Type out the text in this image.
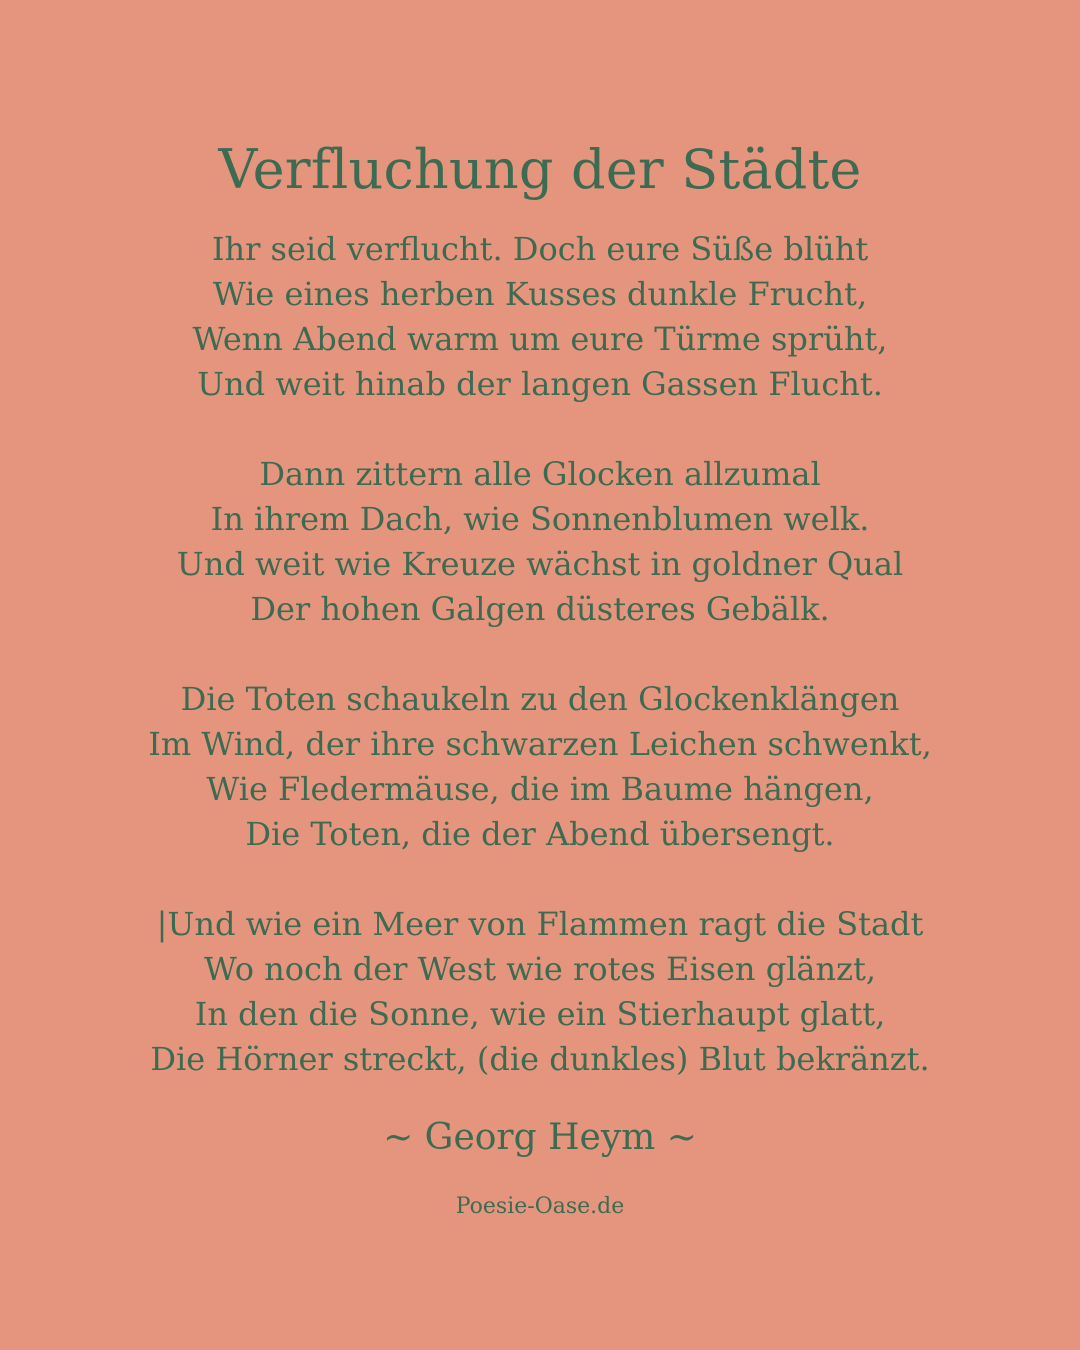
Verfluchung der Städte
Ihr seid verflucht. Doch eure Süße blüht
Wie eines herben Kusses dunkle Frucht,
Wenn Abend warm um eure Türme sprüht,
Und weit hinab der langen Gassen Flucht.
Dann zittern alle Glocken allzumal
In ihrem Dach, wie Sonnenblumen welk.
Und weit wie Kreuze wächst in goldner Qual
Der hohen Galgen düsteres Gebälk.
Die Toten schaukeln zu den Glockenklängen
Im Wind, der ihre schwarzen Leichen schwenkt,
Wie Fledermäuse, die im Baume hängen,
Die Toten, die der Abend übersengt.
|Und wie ein Meer von Flammen ragt die Stadt
Wo noch der West wie rotes Eisen glänzt,
In den die Sonne, wie ein Stierhaupt glatt,
Die Hörner streckt, (die dunkles) Blut bekränzt.
~ Georg Heym ~
Poesie-Oase.de
